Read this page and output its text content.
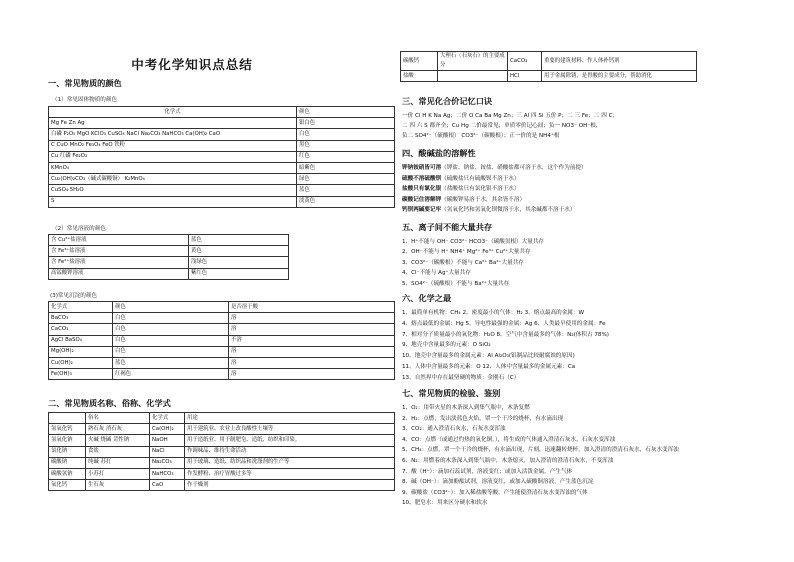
中考化学知识点总结
一、常见物质的颜色
（1）常见固体物质的颜色
化学式	颜色
Mg Fe Zn Ag	银白色
白磷 P₂O₅ MgO KClO₃ CuSO₄ NaCl Na₂CO₃ NaHCO₃ Ca(OH)₂ CaO	白色
C CuO MnO₂ Fe₃O₄ FeO 铁粉	黑色
Cu 红磷 Fe₂O₃	红色
KMnO₄	暗紫色
Cu₂(OH)₂CO₃（碱式碳酸铜） K₂MnO₄	绿色
CuSO₄·5H₂O	蓝色
S	淡黄色
（2）常见溶液的颜色
含 Cu²⁺盐溶液	蓝色
含 Fe³⁺盐溶液	黄色
含 Fe²⁺盐溶液	浅绿色
高锰酸钾溶液	紫红色
(3)常见沉淀的颜色
化学式	颜色	是否溶于酸
BaCO₃	白色	溶
CaCO₃	白色	溶
AgCl BaSO₄	白色	不溶
Mg(OH)₂	白色	溶
Cu(OH)₂	蓝色	溶
Fe(OH)₃	红褐色	溶
二、常见物质名称、俗称、化学式
	俗名	化学式	用途
氢氧化钙	熟石灰 消石灰	Ca(OH)₂	用于建筑业、农业上改良酸性土壤等
氢氧化钠	火碱 烧碱 苛性钠	NaOH	用于造纸业、用于制肥皂、造纸、纺织和印染。
氯化钠	食盐	NaCl	作调味品、维持生命活动
碳酸钠	纯碱 苏打	Na₂CO₃	用于玻璃、造纸、纺织品和洗涤剂的生产等
碳酸氢钠	小苏打	NaHCO₃	作发酵粉、治疗胃酸过多等
氧化钙	生石灰	CaO	作干燥剂
碳酸钙	大理石（石灰石）的主要成分	CaCO₃	重要的建筑材料、作人体补钙剂
盐酸		HCl	用于金属除锈，是胃酸的主要成分，帮助消化
三、常见化合价记忆口诀
一价 Cl H K Na Ag；二价 O Ca Ba Mg Zn；三 Al 四 Si 五价 P；二 三 Fe；二 四 C；
二 四 六 S 都齐全；Cu Hg 二价最常见；单质零价记心间；负一 NO3⁻ OH⁻根，
负二 SO4²⁻（硫酸根） CO3²⁻（碳酸根）；正一价的是 NH4⁺根
四、酸碱盐的溶解性
钾钠铵硝皆可溶（钾盐、钠盐、铵盐、硝酸盐都可溶于水，这个作为前提）
硫酸不溶硫酸钡（硫酸盐只有硫酸钡不溶于水）
盐酸只有氯化银（盐酸盐只有氯化银不溶于水）
碳酸记住溶解钾（碳酸钾易溶于水，其余皆不溶）
钙钡两碱要记牢（氢氧化钙和氢氧化钡微溶于水，其余碱都不溶于水）
五、离子间不能大量共存
1、H⁺不能与 OH⁻ CO3²⁻ HCO3⁻（碳酸氢根）大量共存
2、OH⁻不能与 H⁺ NH4⁺ Mg²⁺ Fe³⁺ Cu²⁺大量共存
3、CO3²⁻（碳酸根）不能与 Ca²⁺ Ba²⁺大量共存
4、Cl⁻不能与 Ag⁺大量共存
5、SO4²⁻（硫酸根）不能与 Ba²⁺大量共存
六、化学之最
1、最简单有机物：CH₄ 2、密度最小的气体：H₂ 3、熔点最高的金属：W
4、熔点最低的金属：Hg 5、导电性最强的金属：Ag 6、人类最早使用的金属：Fe
7、相对分子质量最小的氧化物：H₂O 8、空气中含量最多的气体：N₂(体积占 78%)
9、地壳中含量最多的元素：O SiO₂
10、地壳中含量最多的金属元素：Al Al₂O₃(铝制品比较耐腐蚀的原因)
11、人体中含量最多的元素：O 12、人体中含量最多的金属元素：Ca
13、自然界中存在最坚硬的物质：金刚石（C）
七、常见物质的检验、鉴别
1、O₂：用带火星的木条深入到集气瓶中，木条复燃
2、H₂：点燃，发出淡蓝色火焰，罩一个干冷的烧杯，有水滴出现
3、CO₂：通入澄清石灰水，石灰水变浑浊
4、CO：点燃（或通过灼热的氧化铜，），将生成的气体通入澄清石灰水，石灰水变浑浊
5、CH₄：点燃，罩一个干冷的烧杯，有水滴出现，片刻，迅速翻转烧杯，加入澄清的澄清石灰水，石灰水变浑浊
6、N₂：用燃着的木条深入到集气瓶中，木条熄灭，加入澄清的澄清石灰水，不变浑浊
7、酸（H⁺）：滴加石蕊试剂，溶液变红；或加入活泼金属，产生气体
8、碱（OH⁻）：滴加酚酞试剂，溶液变红，或加入硫酸铜溶液，产生蓝色沉淀
9、碳酸盐（CO3²⁻）：加入稀盐酸等酸，产生能使澄清石灰水变浑浊的气体
10、肥皂水：用来区分硬水和软水
